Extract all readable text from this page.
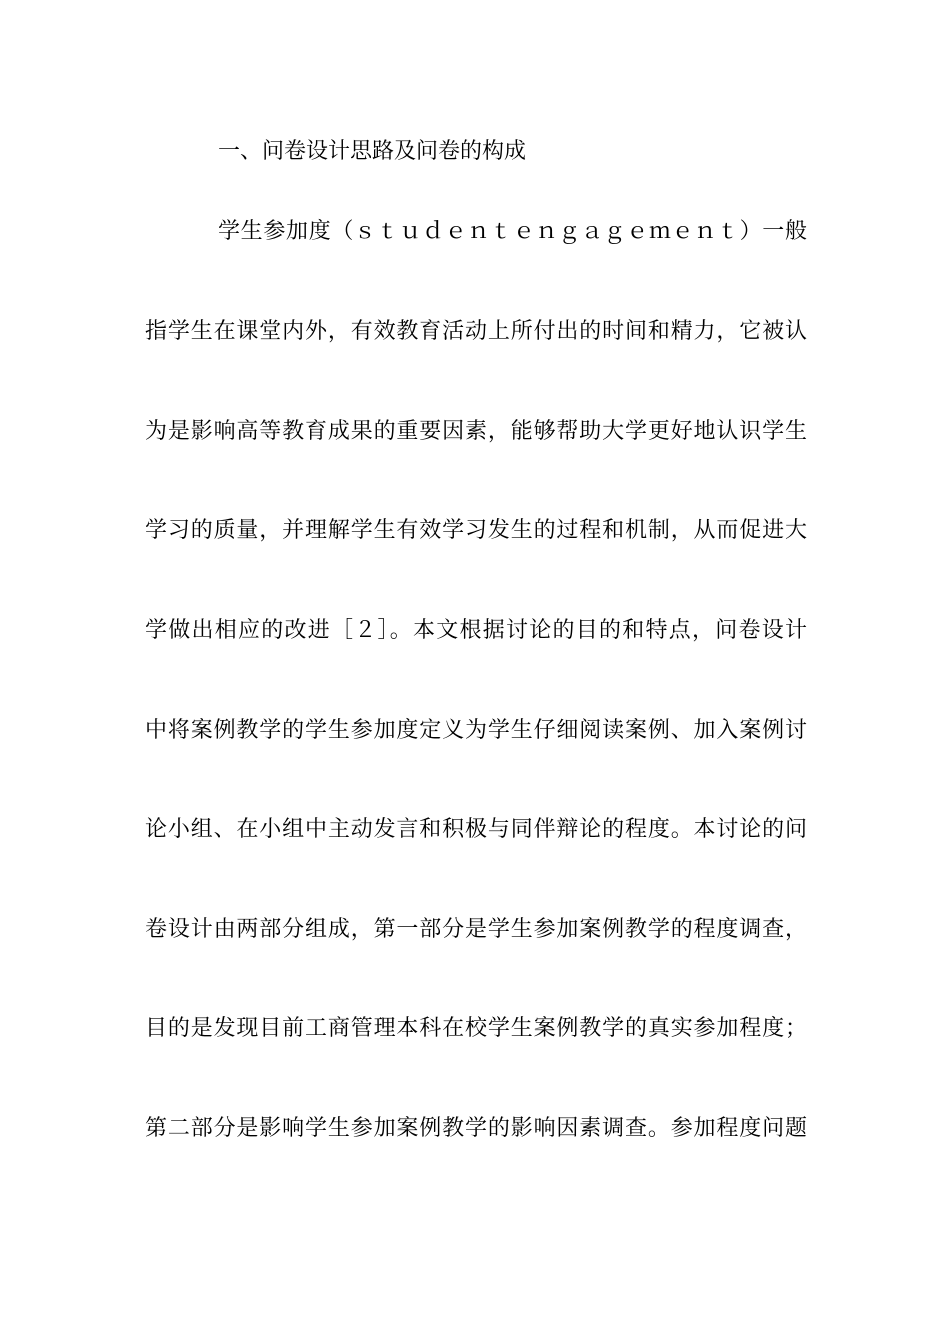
一、问卷设计思路及问卷的构成
学生参加度（ｓｔｕｄｅｎｔｅｎｇａｇｅｍｅｎｔ）一般
指学生在课堂内外，有效教育活动上所付出的时间和精力，它被认
为是影响高等教育成果的重要因素，能够帮助大学更好地认识学生
学习的质量，并理解学生有效学习发生的过程和机制，从而促进大
学做出相应的改进［２］。本文根据讨论的目的和特点，问卷设计
中将案例教学的学生参加度定义为学生仔细阅读案例、加入案例讨
论小组、在小组中主动发言和积极与同伴辩论的程度。本讨论的问
卷设计由两部分组成，第一部分是学生参加案例教学的程度调查，
目的是发现目前工商管理本科在校学生案例教学的真实参加程度；
第二部分是影响学生参加案例教学的影响因素调查。参加程度问题
